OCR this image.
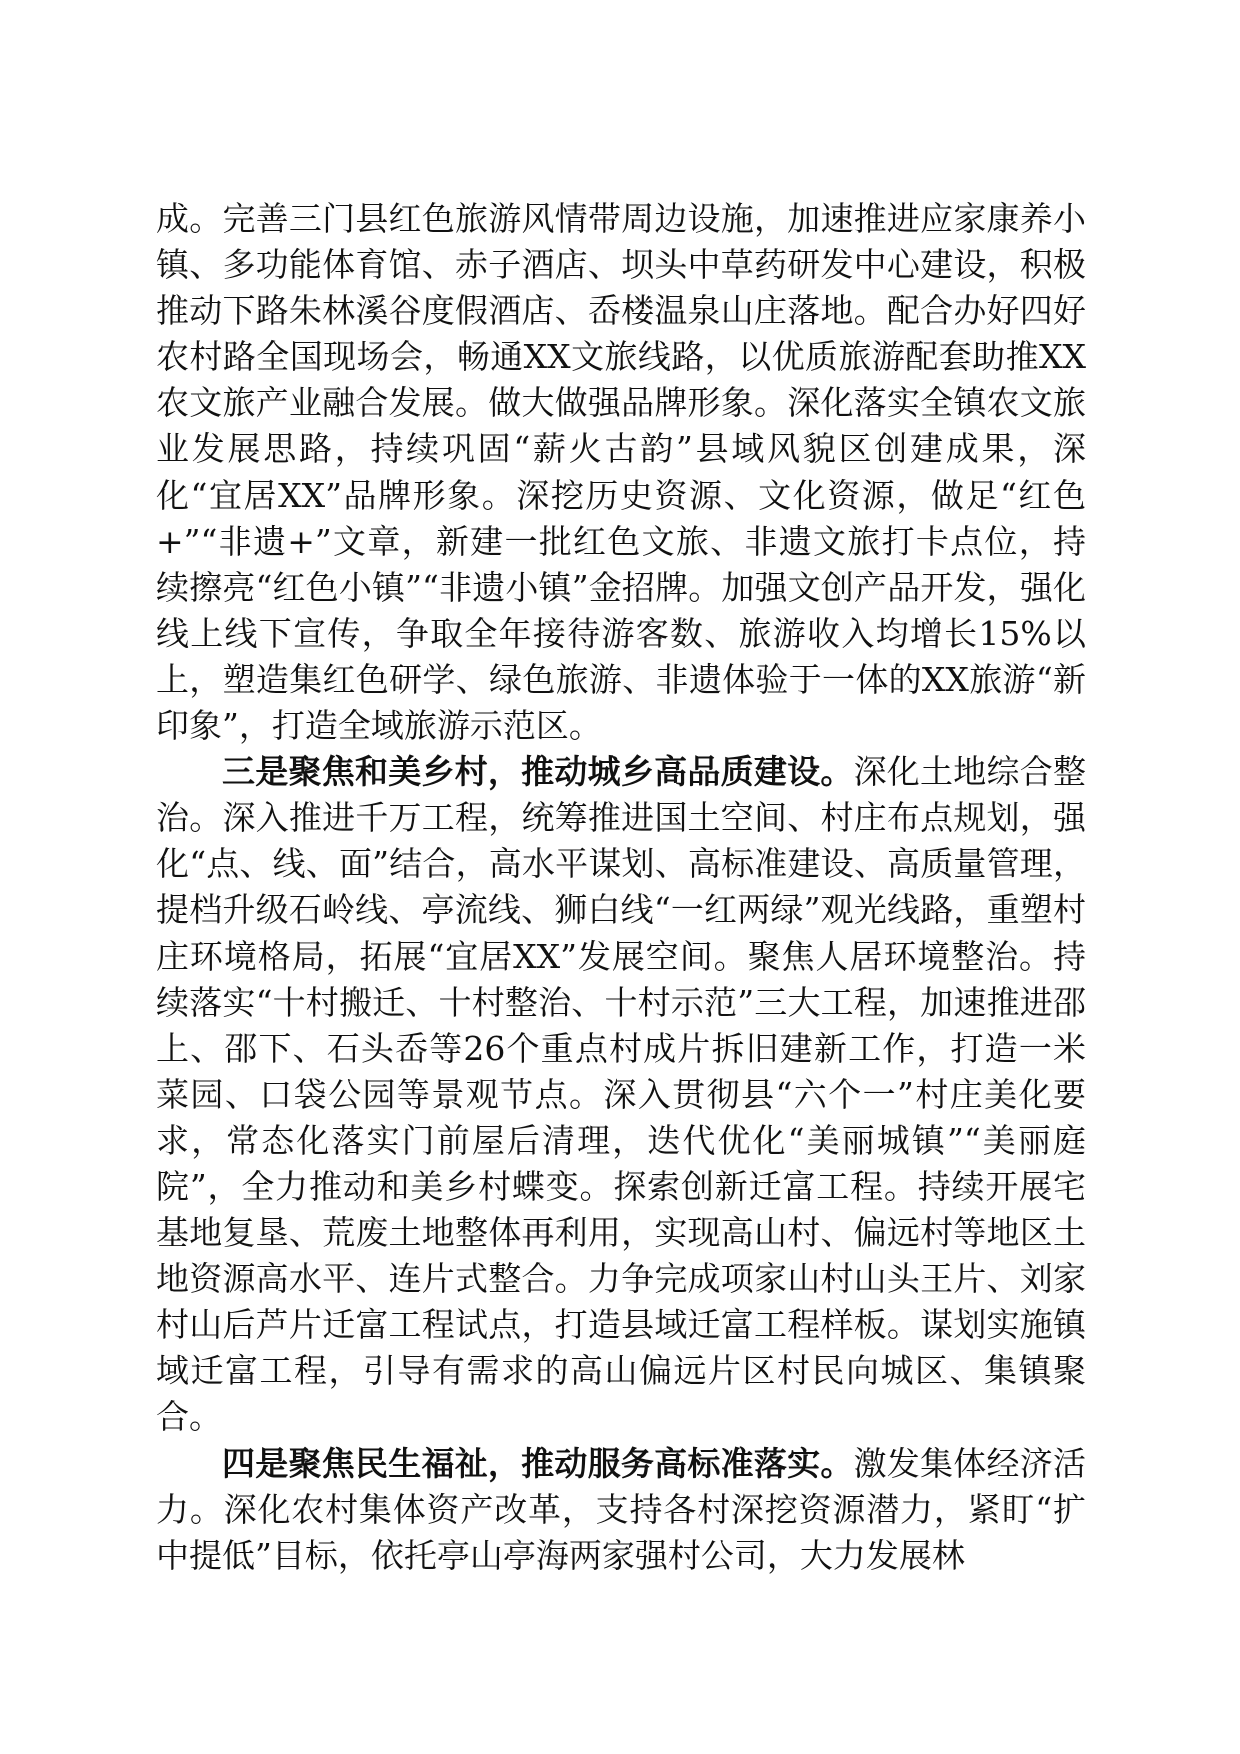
成。完善三门县红色旅游风情带周边设施，加速推进应家康养小镇、多功能体育馆、赤子酒店、坝头中草药研发中心建设，积极推动下路朱林溪谷度假酒店、岙楼温泉山庄落地。配合办好四好农村路全国现场会，畅通XX文旅线路，以优质旅游配套助推XX农文旅产业融合发展。做大做强品牌形象。深化落实全镇农文旅业发展思路，持续巩固“薪火古韵”县域风貌区创建成果，深化“宜居XX”品牌形象。深挖历史资源、文化资源，做足“红色+”“非遗+”文章，新建一批红色文旅、非遗文旅打卡点位，持续擦亮“红色小镇”“非遗小镇”金招牌。加强文创产品开发，强化线上线下宣传，争取全年接待游客数、旅游收入均增长15%以上，塑造集红色研学、绿色旅游、非遗体验于一体的XX旅游“新印象”，打造全域旅游示范区。

三是聚焦和美乡村，推动城乡高品质建设。深化土地综合整治。深入推进千万工程，统筹推进国土空间、村庄布点规划，强化“点、线、面”结合，高水平谋划、高标准建设、高质量管理，提档升级石岭线、亭流线、狮白线“一红两绿”观光线路，重塑村庄环境格局，拓展“宜居XX”发展空间。聚焦人居环境整治。持续落实“十村搬迁、十村整治、十村示范”三大工程，加速推进邵上、邵下、石头岙等26个重点村成片拆旧建新工作，打造一米菜园、口袋公园等景观节点。深入贯彻县“六个一”村庄美化要求，常态化落实门前屋后清理，迭代优化“美丽城镇”“美丽庭院”，全力推动和美乡村蝶变。探索创新迁富工程。持续开展宅基地复垦、荒废土地整体再利用，实现高山村、偏远村等地区土地资源高水平、连片式整合。力争完成项家山村山头王片、刘家村山后芦片迁富工程试点，打造县域迁富工程样板。谋划实施镇域迁富工程，引导有需求的高山偏远片区村民向城区、集镇聚合。

四是聚焦民生福祉，推动服务高标准落实。激发集体经济活力。深化农村集体资产改革，支持各村深挖资源潜力，紧盯“扩中提低”目标，依托亭山亭海两家强村公司，大力发展林
